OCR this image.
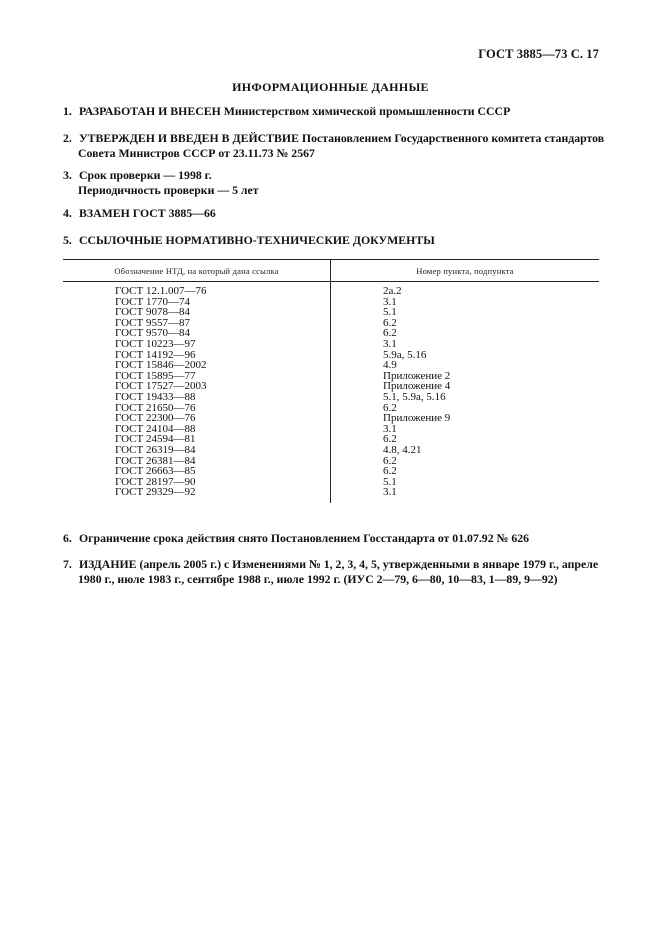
ГОСТ 3885—73 С. 17
ИНФОРМАЦИОННЫЕ ДАННЫЕ
1. РАЗРАБОТАН И ВНЕСЕН Министерством химической промышленности СССР
2. УТВЕРЖДЕН И ВВЕДЕН В ДЕЙСТВИЕ Постановлением Государственного комитета стандартов
Совета Министров СССР от 23.11.73 № 2567
3. Срок проверки — 1998 г.
Периодичность проверки — 5 лет
4. ВЗАМЕН ГОСТ 3885—66
5. ССЫЛОЧНЫЕ НОРМАТИВНО-ТЕХНИЧЕСКИЕ ДОКУМЕНТЫ
Обозначение НТД, на который дана ссылка	Номер пункта, подпункта
ГОСТ 12.1.007—76	2а.2
ГОСТ 1770—74	3.1
ГОСТ 9078—84	5.1
ГОСТ 9557—87	6.2
ГОСТ 9570—84	6.2
ГОСТ 10223—97	3.1
ГОСТ 14192—96	5.9а, 5.16
ГОСТ 15846—2002	4.9
ГОСТ 15895—77	Приложение 2
ГОСТ 17527—2003	Приложение 4
ГОСТ 19433—88	5.1, 5.9а, 5.16
ГОСТ 21650—76	6.2
ГОСТ 22300—76	Приложение 9
ГОСТ 24104—88	3.1
ГОСТ 24594—81	6.2
ГОСТ 26319—84	4.8, 4.21
ГОСТ 26381—84	6.2
ГОСТ 26663—85	6.2
ГОСТ 28197—90	5.1
ГОСТ 29329—92	3.1
6. Ограничение срока действия снято Постановлением Госстандарта от 01.07.92 № 626
7. ИЗДАНИЕ (апрель 2005 г.) с Изменениями № 1, 2, 3, 4, 5, утвержденными в январе 1979 г., апреле
1980 г., июле 1983 г., сентябре 1988 г., июле 1992 г. (ИУС 2—79, 6—80, 10—83, 1—89, 9—92)
